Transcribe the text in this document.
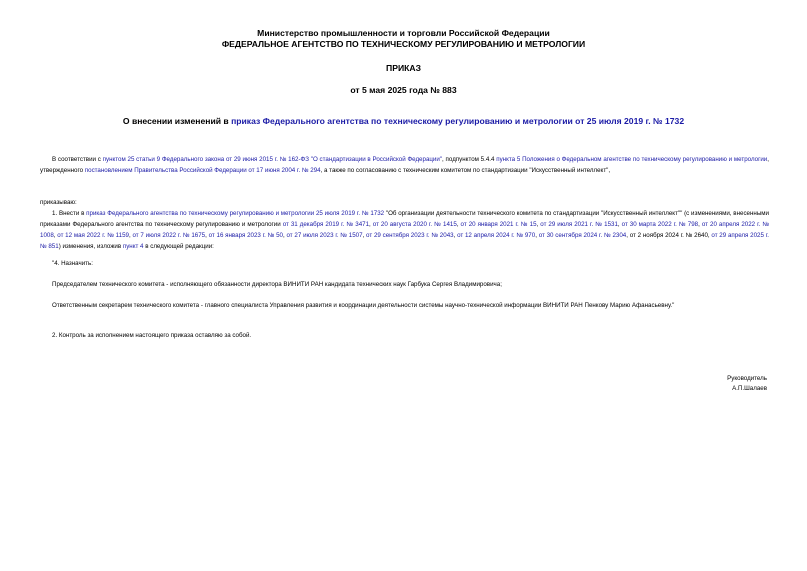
Министерство промышленности и торговли Российской Федерации
ФЕДЕРАЛЬНОЕ АГЕНТСТВО ПО ТЕХНИЧЕСКОМУ РЕГУЛИРОВАНИЮ И МЕТРОЛОГИИ
ПРИКАЗ
от 5 мая 2025 года № 883
О внесении изменений в приказ Федерального агентства по техническому регулированию и метрологии от 25 июля 2019 г. № 1732
В соответствии с пунктом 25 статьи 9 Федерального закона от 29 июня 2015 г. № 162-ФЗ "О стандартизации в Российской Федерации", подпунктом 5.4.4 пункта 5 Положения о Федеральном агентстве по техническому регулированию и метрологии, утвержденного постановлением Правительства Российской Федерации от 17 июня 2004 г. № 294, а также по согласованию с техническим комитетом по стандартизации "Искусственный интеллект",
приказываю:
1. Внести в приказ Федерального агентства по техническому регулированию и метрологии 25 июля 2019 г. № 1732 "Об организации деятельности технического комитета по стандартизации "Искусственный интеллект"" (с изменениями, внесенными приказами Федерального агентства по техническому регулированию и метрологии от 31 декабря 2019 г. № 3471, от 20 августа 2020 г. № 1415, от 20 января 2021 г. № 15, от 29 июля 2021 г. № 1531, от 30 марта 2022 г. № 798, от 20 апреля 2022 г. № 1008, от 12 мая 2022 г. № 1159, от 7 июля 2022 г. № 1675, от 16 января 2023 г. № 50, от 27 июля 2023 г. № 1507, от 29 сентября 2023 г. № 2043, от 12 апреля 2024 г. № 970, от 30 сентября 2024 г. № 2304, от 2 ноября 2024 г. № 2640, от 29 апреля 2025 г. № 851) изменения, изложив пункт 4 в следующей редакции:
"4. Назначить:
Председателем технического комитета - исполняющего обязанности директора ВИНИТИ РАН кандидата технических наук Гарбука Сергея Владимировича;
Ответственным секретарем технического комитета - главного специалиста Управления развития и координации деятельности системы научно-технической информации ВИНИТИ РАН Пенкову Марию Афанасьевну."
2. Контроль за исполнением настоящего приказа оставляю за собой.
Руководитель
А.П.Шалаев
